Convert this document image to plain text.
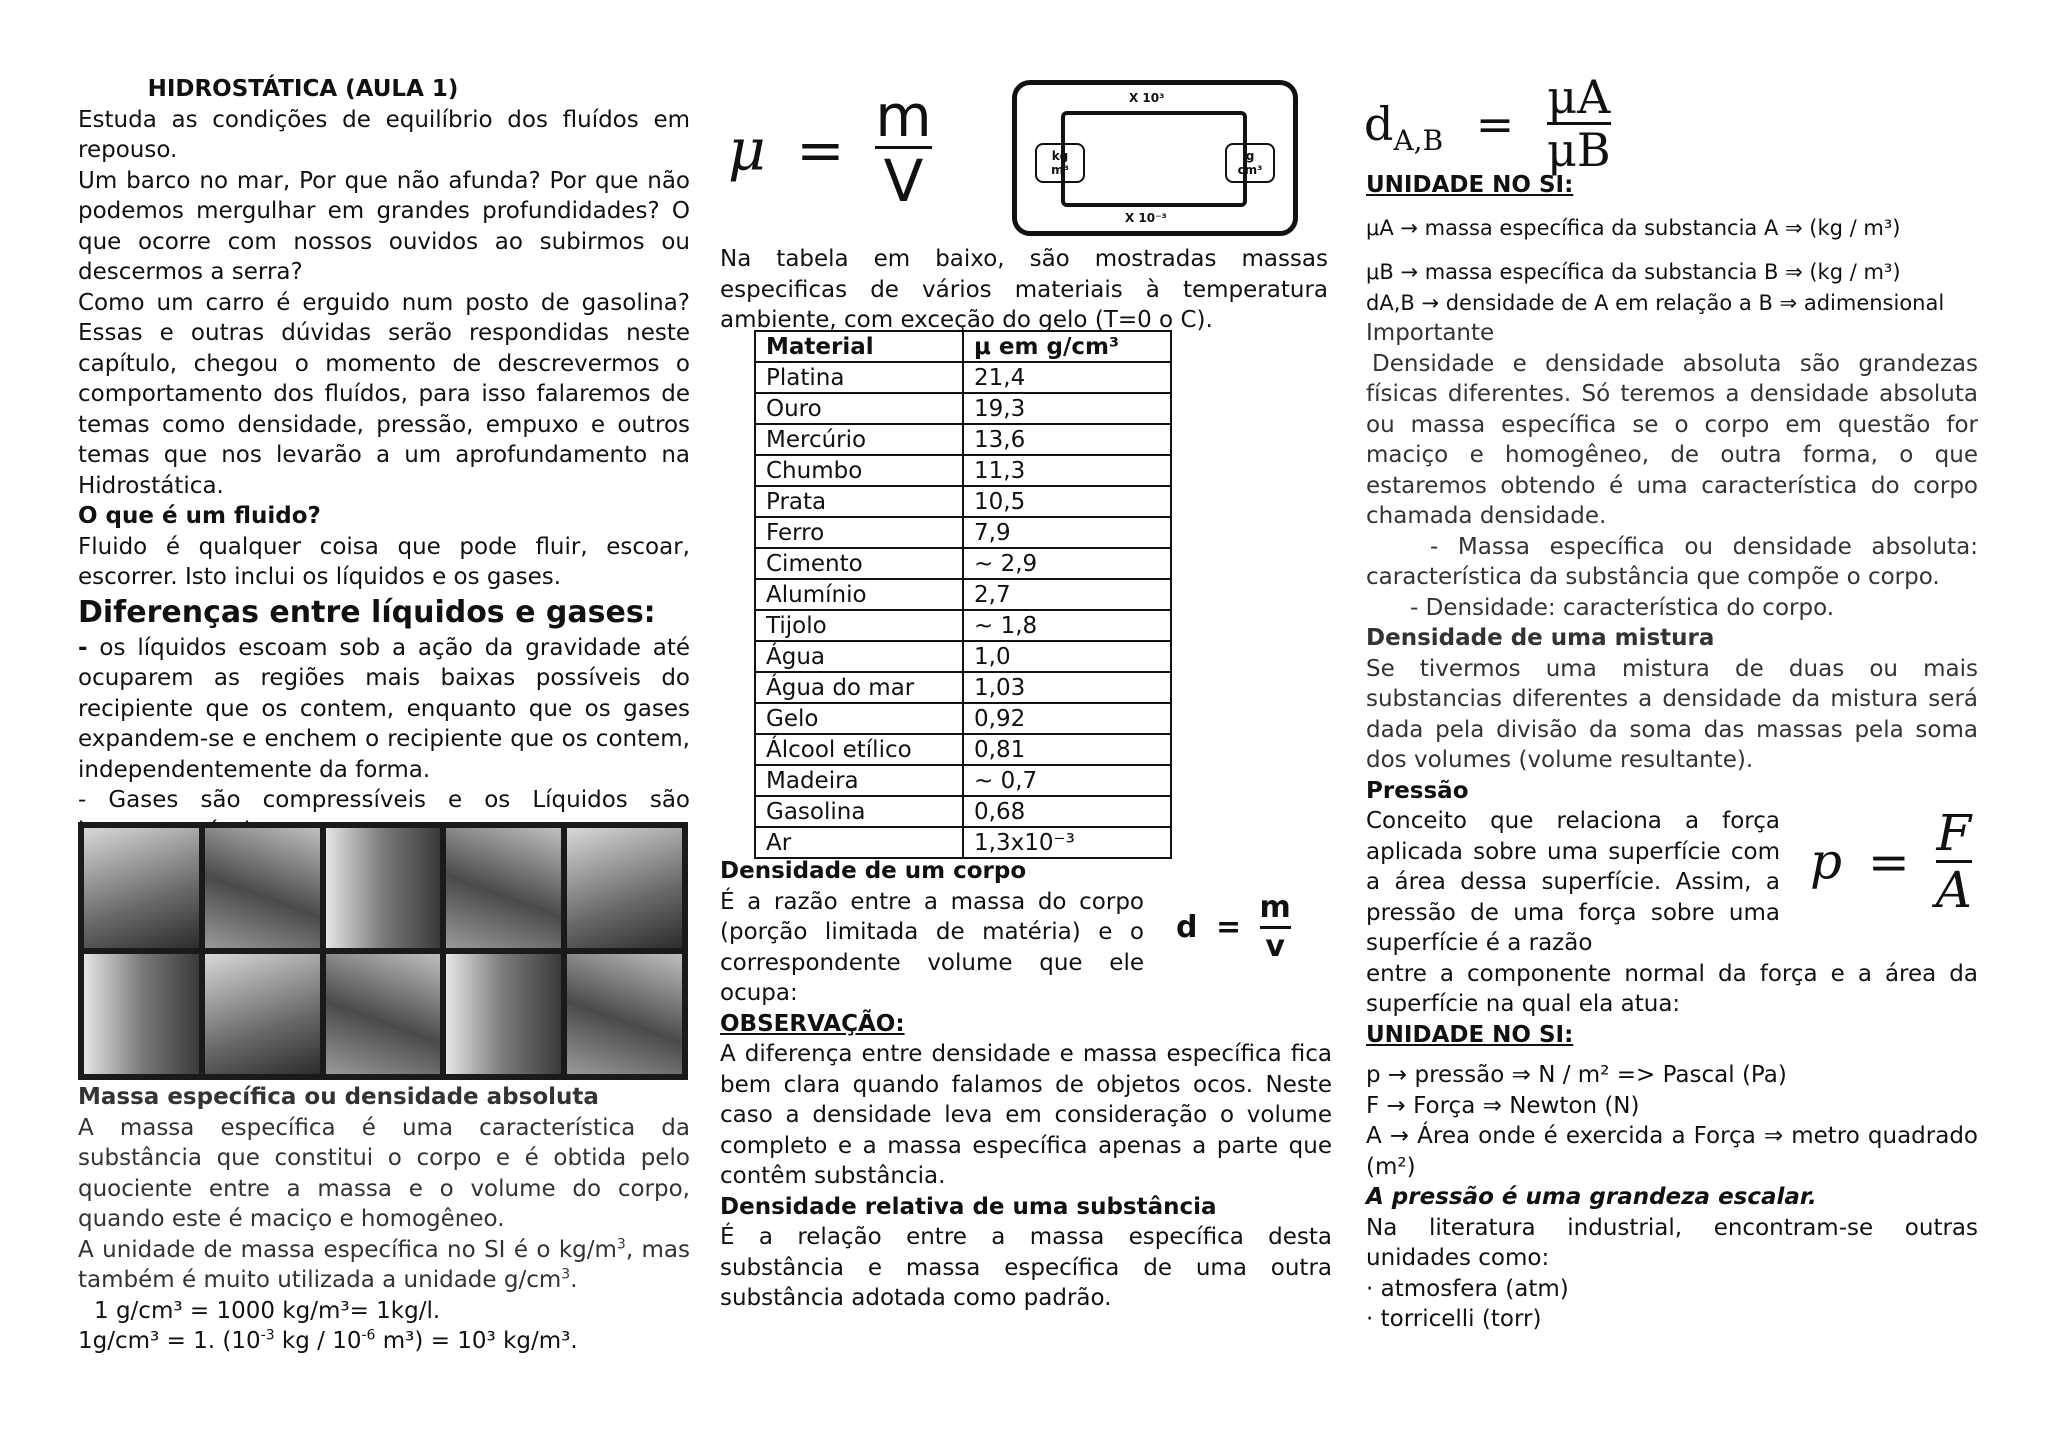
HIDROSTÁTICA (AULA 1)

Estuda as condições de equilíbrio dos fluídos em repouso.

Um barco no mar, Por que não afunda? Por que não podemos mergulhar em grandes profundidades? O que ocorre com nossos ouvidos ao subirmos ou descermos a serra?

Como um carro é erguido num posto de gasolina? Essas e outras dúvidas serão respondidas neste capítulo, chegou o momento de descrevermos o comportamento dos fluídos, para isso falaremos de temas como densidade, pressão, empuxo e outros temas que nos levarão a um aprofundamento na Hidrostática.

O que é um fluido?

Fluido é qualquer coisa que pode fluir, escoar, escorrer. Isto inclui os líquidos e os gases.

Diferenças entre líquidos e gases:

- os líquidos escoam sob a ação da gravidade até ocuparem as regiões mais baixas possíveis do recipiente que os contem, enquanto que os gases expandem-se e enchem o recipiente que os contem, independentemente da forma.

- Gases são compressíveis e os Líquidos são

Massa específica ou densidade absoluta

A massa específica é uma característica da substância que constitui o corpo e é obtida pelo quociente entre a massa e o volume do corpo, quando este é maciço e homogêneo.

A unidade de massa específica no SI é o $kg/m^3$, mas também é muito utilizada a unidade $g/cm^3$.

1 g/cm³ = 1000 kg/m³= 1kg/l.

1g/cm³ = 1. ($10^{-3}$ kg / $10^{-6}$ m³) = 10³ kg/m³.

$\mu = \frac{m}{V}$	X 10³
X 10⁻³
kg
m³
g
cm³

Na tabela em baixo, são mostradas massas especificas de vários materiais à temperatura ambiente, com exceção do gelo (T=0 o C).

Material	μ em g/cm³
Platina	21,4
Ouro	19,3
Mercúrio	13,6
Chumbo	11,3
Prata	10,5
Ferro	7,9
Cimento	~ 2,9
Alumínio	2,7
Tijolo	~ 1,8
Água	1,0
Água do mar	1,03
Gelo	0,92
Álcool etílico	0,81
Madeira	~ 0,7
Gasolina	0,68
Ar	1,3x10⁻³

Densidade de um corpo

É a razão entre a massa do corpo (porção limitada de matéria) e o correspondente volume que ele ocupa:

OBSERVAÇÃO:

A diferença entre densidade e massa específica fica bem clara quando falamos de objetos ocos. Neste caso a densidade leva em consideração o volume completo e a massa específica apenas a parte que contêm substância.

Densidade relativa de uma substância

É a relação entre a massa específica desta substância e massa específica de uma outra substância adotada como padrão.

$d = \frac{m}{v}$
$d_{A,B} = \frac{\mu A}{\mu B}$

UNIDADE NO SI:

μA → massa específica da substancia A ⇒ (kg / m³)

μB → massa específica da substancia B ⇒ (kg / m³)

dA,B → densidade de A em relação a B ⇒ adimensional

Importante

Densidade e densidade absoluta são grandezas físicas diferentes. Só teremos a densidade absoluta ou massa específica se o corpo em questão for maciço e homogêneo, de outra forma, o que estaremos obtendo é uma característica do corpo chamada densidade.

- Massa específica ou densidade absoluta: característica da substância que compõe o corpo.

- Densidade: característica do corpo.

Densidade de uma mistura

Se tivermos uma mistura de duas ou mais substancias diferentes a densidade da mistura será dada pela divisão da soma das massas pela soma dos volumes (volume resultante).

Pressão

Conceito que relaciona a força aplicada sobre uma superfície com a área dessa superfície. Assim, a pressão de uma força sobre uma superfície é a razão

entre a componente normal da força e a área da superfície na qual ela atua:

UNIDADE NO SI:

p → pressão ⇒ N / m² => Pascal (Pa)

F → Força ⇒ Newton (N)

A → Área onde é exercida a Força ⇒ metro quadrado (m²)

A pressão é uma grandeza escalar.

Na literatura industrial, encontram-se outras unidades como:

· atmosfera (atm)

· torricelli (torr)

$p = \frac{F}{A}$
